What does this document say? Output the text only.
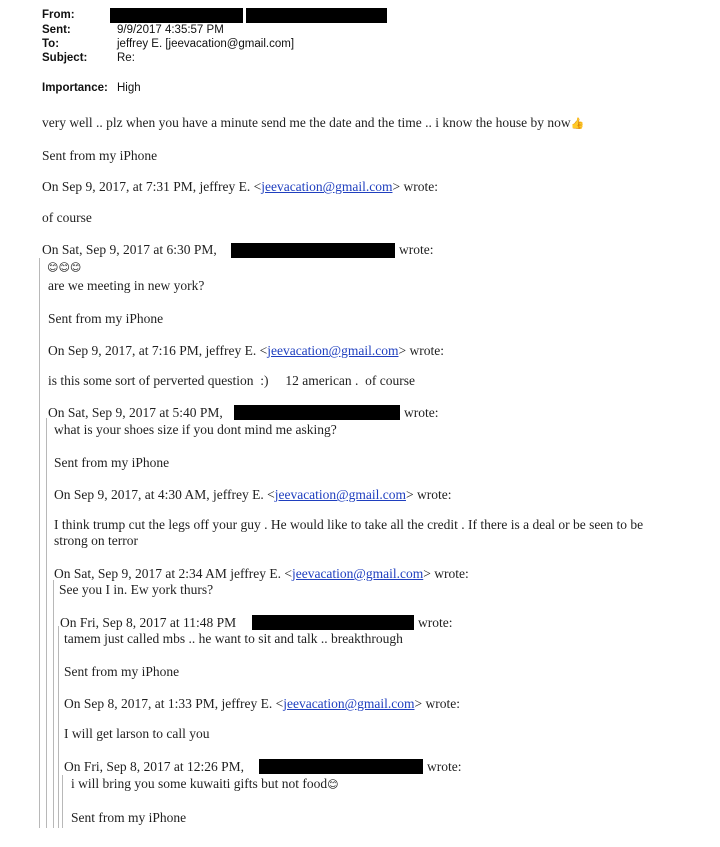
From:
Sent:	9/9/2017 4:35:57 PM
To:	jeffrey E. [jeevacation@gmail.com]
Subject:	Re:
Importance: High
very well .. plz when you have a minute send me the date and the time .. i know the house by now👍
Sent from my iPhone
On Sep 9, 2017, at 7:31 PM, jeffrey E. <jeevacation@gmail.com> wrote:
of course
On Sat, Sep 9, 2017 at 6:30 PM,	wrote:
😊😊😊
are we meeting in new york?
Sent from my iPhone
On Sep 9, 2017, at 7:16 PM, jeffrey E. <jeevacation@gmail.com> wrote:
is this some sort of perverted question  :)     12 american .  of course
On Sat, Sep 9, 2017 at 5:40 PM,	wrote:
what is your shoes size if you dont mind me asking?
Sent from my iPhone
On Sep 9, 2017, at 4:30 AM, jeffrey E. <jeevacation@gmail.com> wrote:
I think trump cut the legs off your guy . He would like to take all the credit . If there is a deal or be seen to be
strong on terror
On Sat, Sep 9, 2017 at 2:34 AM jeffrey E. <jeevacation@gmail.com> wrote:
See you I in. Ew york thurs?
On Fri, Sep 8, 2017 at 11:48 PM	wrote:
tamem just called mbs .. he want to sit and talk .. breakthrough
Sent from my iPhone
On Sep 8, 2017, at 1:33 PM, jeffrey E. <jeevacation@gmail.com> wrote:
I will get larson to call you
On Fri, Sep 8, 2017 at 12:26 PM,	wrote:
i will bring you some kuwaiti gifts but not food😊
Sent from my iPhone
